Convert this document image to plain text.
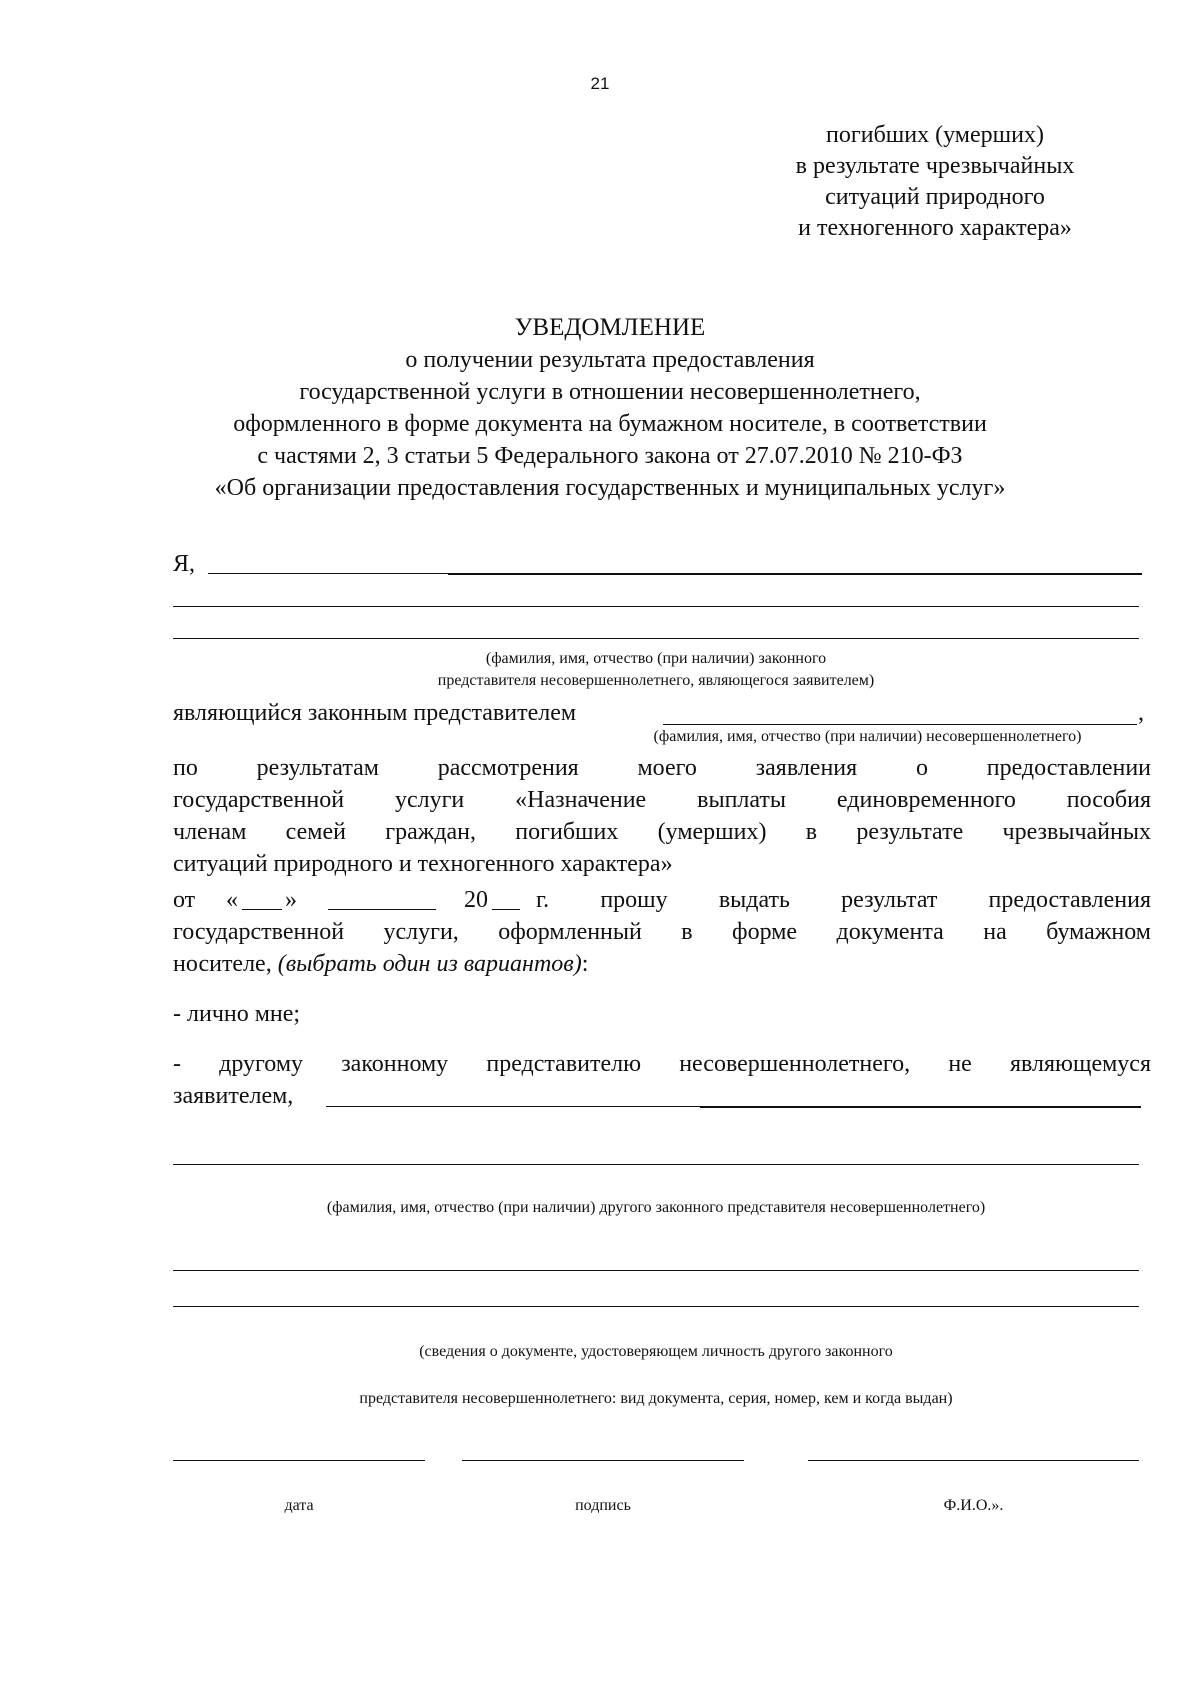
21
погибших (умерших)
в результате чрезвычайных
ситуаций природного
и техногенного характера»
УВЕДОМЛЕНИЕ
о получении результата предоставления
государственной услуги в отношении несовершеннолетнего,
оформленного в форме документа на бумажном носителе, в соответствии
с частями 2, 3 статьи 5 Федерального закона от 27.07.2010 № 210-ФЗ
«Об организации предоставления государственных и муниципальных услуг»
Я,
(фамилия, имя, отчество (при наличии) законного
представителя несовершеннолетнего, являющегося заявителем)
являющийся законным представителем	,
(фамилия, имя, отчество (при наличии) несовершеннолетнего)
по результатам рассмотрения моего заявления о предоставлении
государственной услуги «Назначение выплаты единовременного пособия
членам семей граждан, погибших (умерших) в результате чрезвычайных
ситуаций природного и техногенного характера»
от « »	20 г. прошу выдать результат предоставления
государственной услуги, оформленный в форме документа на бумажном
носителе, (выбрать один из вариантов):
- лично мне;
- другому законному представителю несовершеннолетнего, не являющемуся
заявителем,
(фамилия, имя, отчество (при наличии) другого законного представителя несовершеннолетнего)
(сведения о документе, удостоверяющем личность другого законного
представителя несовершеннолетнего: вид документа, серия, номер, кем и когда выдан)
дата	подпись	Ф.И.О.».
